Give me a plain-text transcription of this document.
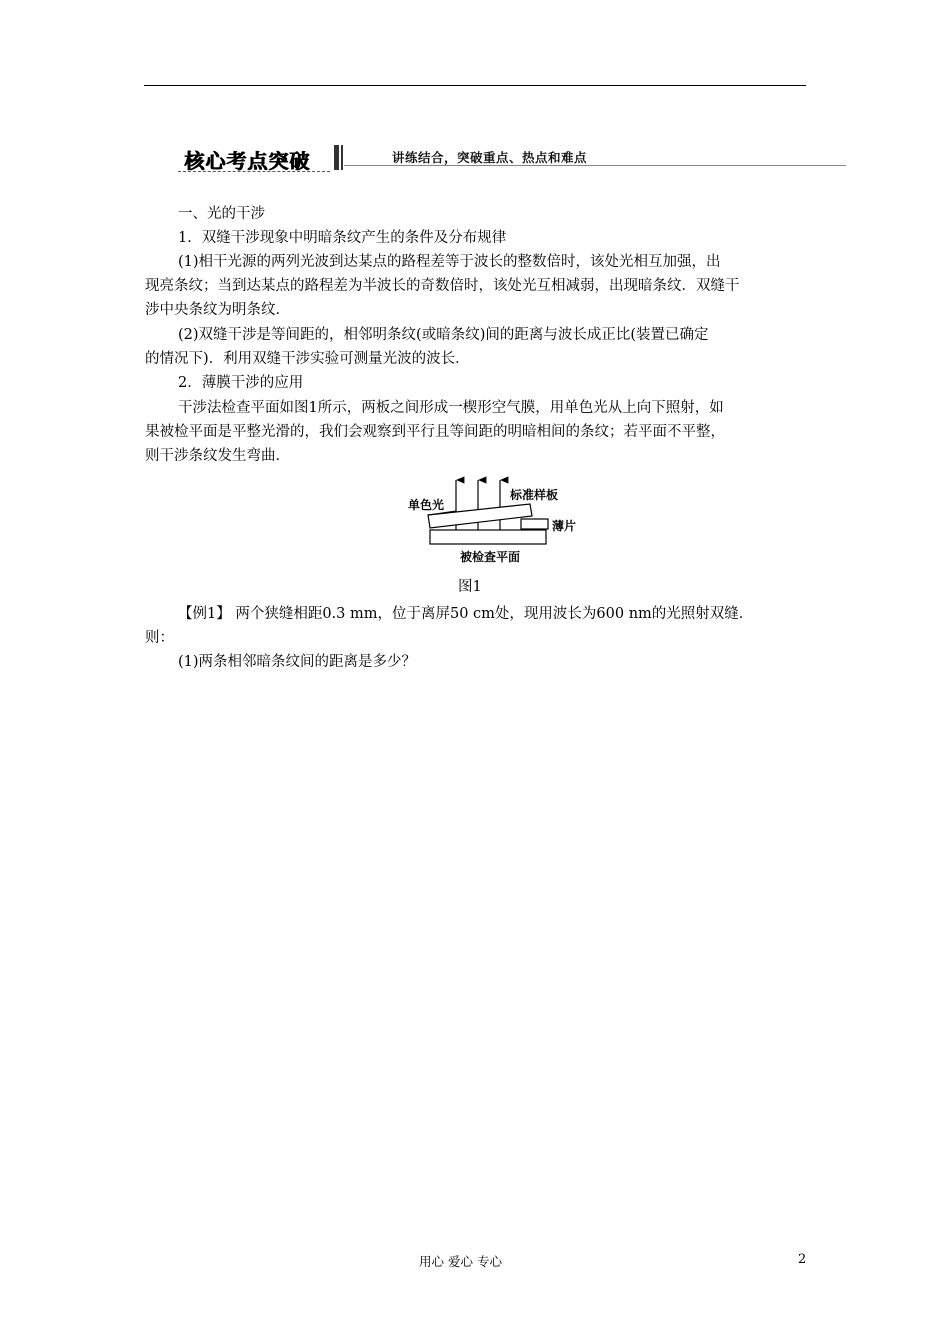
核心考点突破	讲练结合，突破重点、热点和难点
一、光的干涉
1．双缝干涉现象中明暗条纹产生的条件及分布规律
(1)相干光源的两列光波到达某点的路程差等于波长的整数倍时，该处光相互加强，出
现亮条纹；当到达某点的路程差为半波长的奇数倍时，该处光互相减弱，出现暗条纹．双缝干
涉中央条纹为明条纹．
(2)双缝干涉是等间距的，相邻明条纹(或暗条纹)间的距离与波长成正比(装置已确定
的情况下)．利用双缝干涉实验可测量光波的波长．
2．薄膜干涉的应用
干涉法检查平面如图1所示，两板之间形成一楔形空气膜，用单色光从上向下照射，如
果被检平面是平整光滑的，我们会观察到平行且等间距的明暗相间的条纹；若平面不平整，
则干涉条纹发生弯曲．
单色光
标准样板
薄片
被检查平面
图1
【例1】 两个狭缝相距0.3 mm，位于离屏50 cm处，现用波长为600 nm的光照射双缝．
则：
(1)两条相邻暗条纹间的距离是多少？
用心 爱心 专心	2
